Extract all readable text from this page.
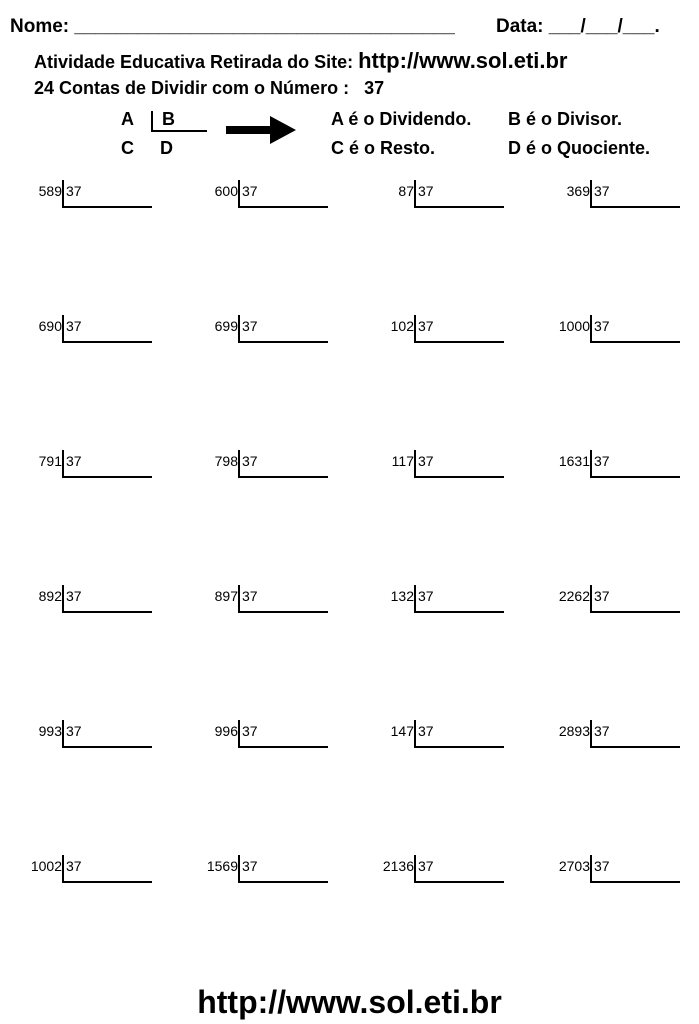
Nome: ____________________________________ Data: ___/___/___.
Atividade Educativa Retirada do Site: http://www.sol.eti.br
24 Contas de Dividir com o Número : 37
A B
C D
A é o Dividendo. B é o Divisor.
C é o Resto.	D é o Quociente.
589 37	600 37	87 37	369 37
690 37	699 37	102 37	1000 37
791 37	798 37	117 37	1631 37
892 37	897 37	132 37	2262 37
993 37	996 37	147 37	2893 37
1002 37	1569 37	2136 37	2703 37
http://www.sol.eti.br
